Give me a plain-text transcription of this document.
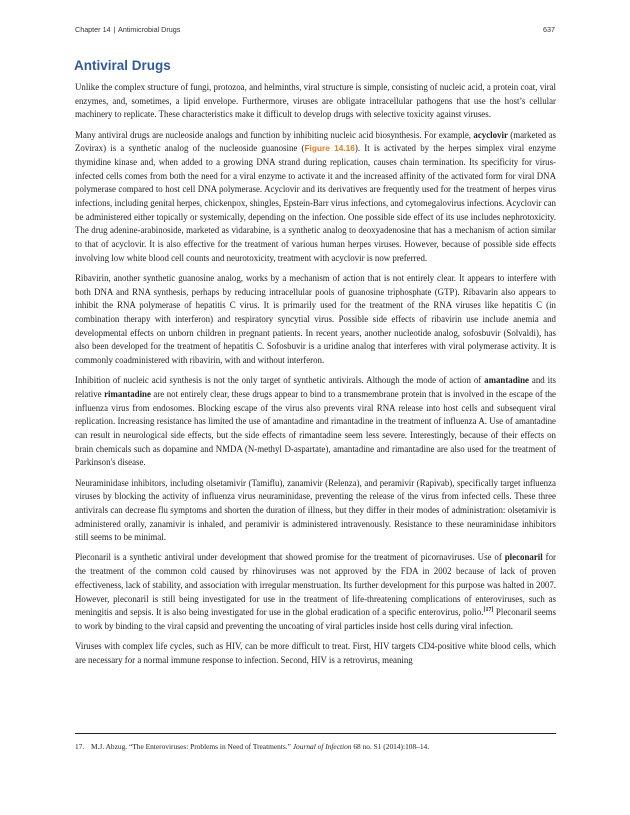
Chapter 14 | Antimicrobial Drugs	637
Antiviral Drugs

Unlike the complex structure of fungi, protozoa, and helminths, viral structure is simple, consisting of nucleic acid, a protein coat, viral enzymes, and, sometimes, a lipid envelope. Furthermore, viruses are obligate intracellular pathogens that use the host’s cellular machinery to replicate. These characteristics make it difficult to develop drugs with selective toxicity against viruses.

Many antiviral drugs are nucleoside analogs and function by inhibiting nucleic acid biosynthesis. For example, acyclovir (marketed as Zovirax) is a synthetic analog of the nucleoside guanosine (Figure 14.16). It is activated by the herpes simplex viral enzyme thymidine kinase and, when added to a growing DNA strand during replication, causes chain termination. Its specificity for virus-infected cells comes from both the need for a viral enzyme to activate it and the increased affinity of the activated form for viral DNA polymerase compared to host cell DNA polymerase. Acyclovir and its derivatives are frequently used for the treatment of herpes virus infections, including genital herpes, chickenpox, shingles, Epstein-Barr virus infections, and cytomegalovirus infections. Acyclovir can be administered either topically or systemically, depending on the infection. One possible side effect of its use includes nephrotoxicity. The drug adenine-arabinoside, marketed as vidarabine, is a synthetic analog to deoxyadenosine that has a mechanism of action similar to that of acyclovir. It is also effective for the treatment of various human herpes viruses. However, because of possible side effects involving low white blood cell counts and neurotoxicity, treatment with acyclovir is now preferred.

Ribavirin, another synthetic guanosine analog, works by a mechanism of action that is not entirely clear. It appears to interfere with both DNA and RNA synthesis, perhaps by reducing intracellular pools of guanosine triphosphate (GTP). Ribavarin also appears to inhibit the RNA polymerase of hepatitis C virus. It is primarily used for the treatment of the RNA viruses like hepatitis C (in combination therapy with interferon) and respiratory syncytial virus. Possible side effects of ribavirin use include anemia and developmental effects on unborn children in pregnant patients. In recent years, another nucleotide analog, sofosbuvir (Solvaldi), has also been developed for the treatment of hepatitis C. Sofosbuvir is a uridine analog that interferes with viral polymerase activity. It is commonly coadministered with ribavirin, with and without interferon.

Inhibition of nucleic acid synthesis is not the only target of synthetic antivirals. Although the mode of action of amantadine and its relative rimantadine are not entirely clear, these drugs appear to bind to a transmembrane protein that is involved in the escape of the influenza virus from endosomes. Blocking escape of the virus also prevents viral RNA release into host cells and subsequent viral replication. Increasing resistance has limited the use of amantadine and rimantadine in the treatment of influenza A. Use of amantadine can result in neurological side effects, but the side effects of rimantadine seem less severe. Interestingly, because of their effects on brain chemicals such as dopamine and NMDA (N-methyl D-aspartate), amantadine and rimantadine are also used for the treatment of Parkinson's disease.

Neuraminidase inhibitors, including olsetamivir (Tamiflu), zanamivir (Relenza), and peramivir (Rapivab), specifically target influenza viruses by blocking the activity of influenza virus neuraminidase, preventing the release of the virus from infected cells. These three antivirals can decrease flu symptoms and shorten the duration of illness, but they differ in their modes of administration: olsetamivir is administered orally, zanamivir is inhaled, and peramivir is administered intravenously. Resistance to these neuraminidase inhibitors still seems to be minimal.

Pleconaril is a synthetic antiviral under development that showed promise for the treatment of picornaviruses. Use of pleconaril for the treatment of the common cold caused by rhinoviruses was not approved by the FDA in 2002 because of lack of proven effectiveness, lack of stability, and association with irregular menstruation. Its further development for this purpose was halted in 2007. However, pleconaril is still being investigated for use in the treatment of life-threatening complications of enteroviruses, such as meningitis and sepsis. It is also being investigated for use in the global eradication of a specific enterovirus, polio.[17] Pleconaril seems to work by binding to the viral capsid and preventing the uncoating of viral particles inside host cells during viral infection.

Viruses with complex life cycles, such as HIV, can be more difficult to treat. First, HIV targets CD4-positive white blood cells, which are necessary for a normal immune response to infection. Second, HIV is a retrovirus, meaning

17. M.J. Abzug. “The Enteroviruses: Problems in Need of Treatments.” Journal of Infection 68 no. S1 (2014):108–14.
